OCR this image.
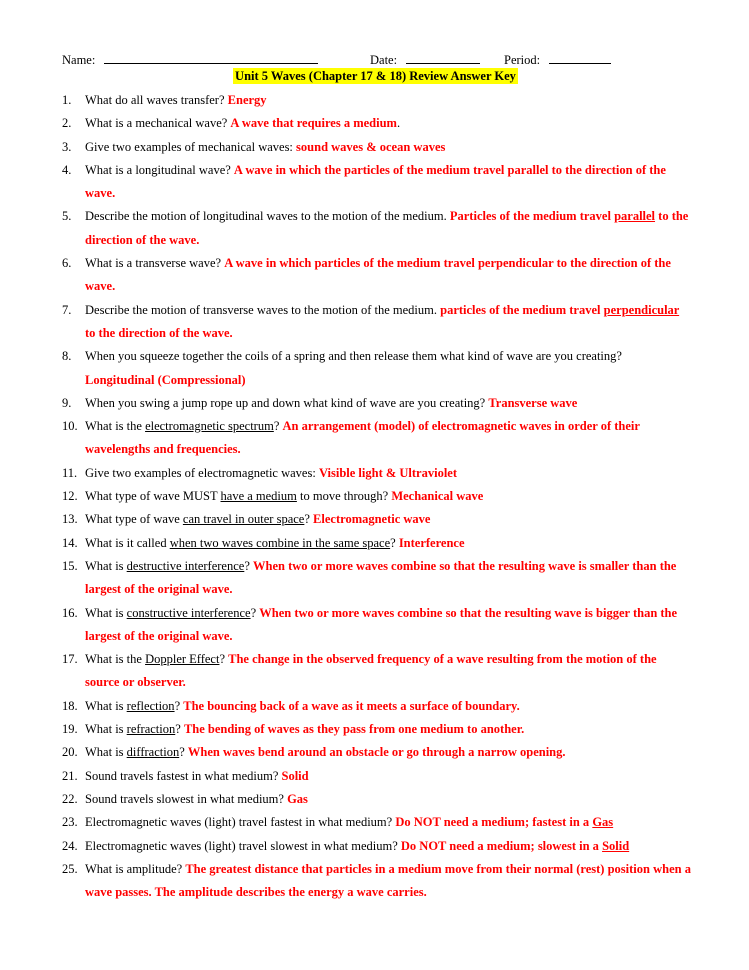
Name:	Date:	Period:
Unit 5 Waves (Chapter 17 & 18) Review Answer Key
1.	What do all waves transfer? Energy
2.	What is a mechanical wave? A wave that requires a medium.
3.	Give two examples of mechanical waves: sound waves & ocean waves
4.	What is a longitudinal wave? A wave in which the particles of the medium travel parallel to the direction of the wave.
5.	Describe the motion of longitudinal waves to the motion of the medium. Particles of the medium travel parallel to the direction of the wave.
6.	What is a transverse wave? A wave in which particles of the medium travel perpendicular to the direction of the wave.
7.	Describe the motion of transverse waves to the motion of the medium. particles of the medium travel perpendicular to the direction of the wave.
8.	When you squeeze together the coils of a spring and then release them what kind of wave are you creating? Longitudinal (Compressional)
9.	When you swing a jump rope up and down what kind of wave are you creating? Transverse wave
10. What is the electromagnetic spectrum? An arrangement (model) of electromagnetic waves in order of their wavelengths and frequencies.
11. Give two examples of electromagnetic waves: Visible light & Ultraviolet
12. What type of wave MUST have a medium to move through? Mechanical wave
13. What type of wave can travel in outer space? Electromagnetic wave
14. What is it called when two waves combine in the same space? Interference
15. What is destructive interference? When two or more waves combine so that the resulting wave is smaller than the largest of the original wave.
16. What is constructive interference? When two or more waves combine so that the resulting wave is bigger than the largest of the original wave.
17. What is the Doppler Effect? The change in the observed frequency of a wave resulting from the motion of the source or observer.
18. What is reflection? The bouncing back of a wave as it meets a surface of boundary.
19. What is refraction? The bending of waves as they pass from one medium to another.
20. What is diffraction? When waves bend around an obstacle or go through a narrow opening.
21. Sound travels fastest in what medium? Solid
22. Sound travels slowest in what medium? Gas
23. Electromagnetic waves (light) travel fastest in what medium? Do NOT need a medium; fastest in a Gas
24. Electromagnetic waves (light) travel slowest in what medium? Do NOT need a medium; slowest in a Solid
25. What is amplitude? The greatest distance that particles in a medium move from their normal (rest) position when a wave passes. The amplitude describes the energy a wave carries.
